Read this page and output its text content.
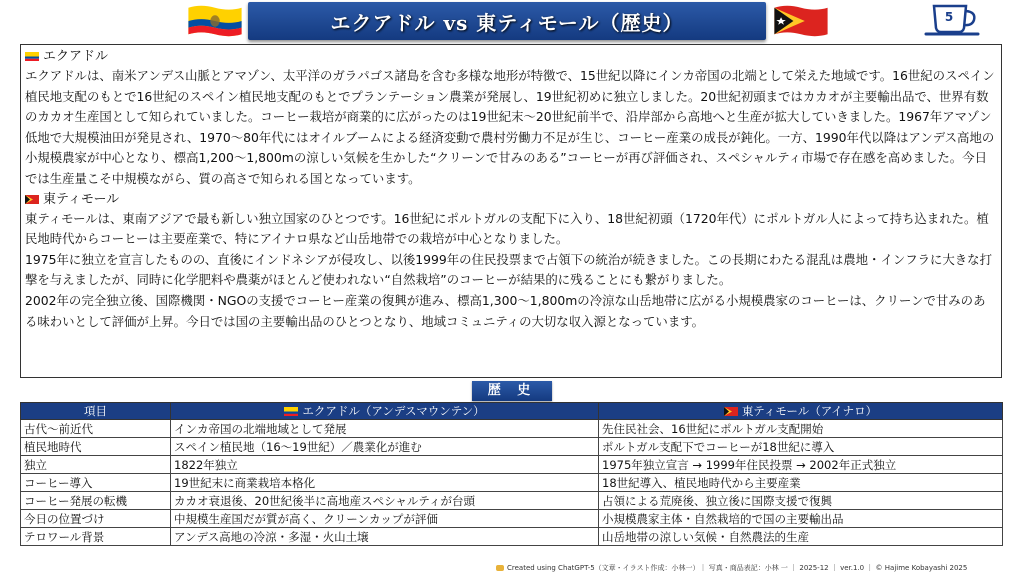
エクアドル vs 東ティモール（歴史）	5
エクアドル

エクアドルは、南米アンデス山脈とアマゾン、太平洋のガラパゴス諸島を含む多様な地形が特徴で、15世紀以降にインカ帝国の北端として栄えた地域です。16世紀のスペイン植民地支配のもとで16世紀のスペイン植民地支配のもとでプランテーション農業が発展し、19世紀初めに独立しました。20世紀初頭まではカカオが主要輸出品で、世界有数のカカオ生産国として知られていました。コーヒー栽培が商業的に広がったのは19世紀末〜20世紀前半で、沿岸部から高地へと生産が拡大していきました。1967年アマゾン低地で大規模油田が発見され、1970〜80年代にはオイルブームによる経済変動で農村労働力不足が生じ、コーヒー産業の成長が鈍化。一方、1990年代以降はアンデス高地の小規模農家が中心となり、標高1,200〜1,800mの涼しい気候を生かした“クリーンで甘みのある”コーヒーが再び評価され、スペシャルティ市場で存在感を高めました。今日では生産量こそ中規模ながら、質の高さで知られる国となっています。

東ティモール

東ティモールは、東南アジアで最も新しい独立国家のひとつです。16世紀にポルトガルの支配下に入り、18世紀初頭（1720年代）にポルトガル人によって持ち込まれた。植民地時代からコーヒーは主要産業で、特にアイナロ県など山岳地帯での栽培が中心となりました。

1975年に独立を宣言したものの、直後にインドネシアが侵攻し、以後1999年の住民投票まで占領下の統治が続きました。この長期にわたる混乱は農地・インフラに大きな打撃を与えましたが、同時に化学肥料や農薬がほとんど使われない“自然栽培”のコーヒーが結果的に残ることにも繋がりました。

2002年の完全独立後、国際機関・NGOの支援でコーヒー産業の復興が進み、標高1,300〜1,800mの冷涼な山岳地帯に広がる小規模農家のコーヒーは、クリーンで甘みのある味わいとして評価が上昇。今日では国の主要輸出品のひとつとなり、地域コミュニティの大切な収入源となっています。

歴 史
項目	エクアドル（アンデスマウンテン）	東ティモール（アイナロ）

古代〜前近代	インカ帝国の北端地域として発展	先住民社会、16世紀にポルトガル支配開始
植民地時代	スペイン植民地（16〜19世紀）／農業化が進む	ポルトガル支配下でコーヒーが18世紀に導入
独立	1822年独立	1975年独立宣言 → 1999年住民投票 → 2002年正式独立
コーヒー導入	19世紀末に商業栽培本格化	18世紀導入、植民地時代から主要産業
コーヒー発展の転機	カカオ衰退後、20世紀後半に高地産スペシャルティが台頭	占領による荒廃後、独立後に国際支援で復興
今日の位置づけ	中規模生産国だが質が高く、クリーンカップが評価	小規模農家主体・自然栽培的で国の主要輸出品
テロワール背景	アンデス高地の冷涼・多湿・火山土壌	山岳地帯の涼しい気候・自然農法的生産
Created using ChatGPT-5（文章・イラスト作成：小林一）｜ 写真・商品表記：小林 一 ｜ 2025-12 ｜ ver.1.0 ｜ © Hajime Kobayashi 2025
